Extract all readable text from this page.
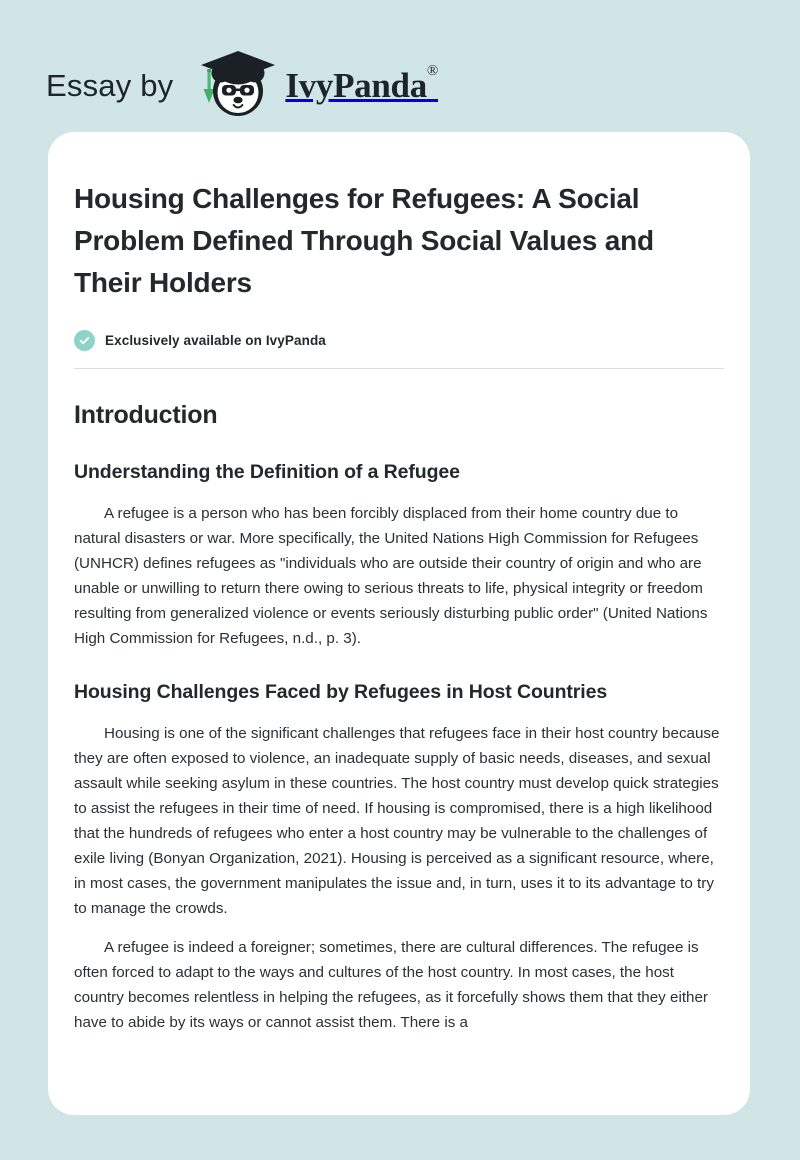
Essay by	IvyPanda®
Housing Challenges for Refugees: A Social Problem Defined Through Social Values and Their Holders
Exclusively available on IvyPanda
Introduction
Understanding the Definition of a Refugee

A refugee is a person who has been forcibly displaced from their home country due to natural disasters or war. More specifically, the United Nations High Commission for Refugees (UNHCR) defines refugees as "individuals who are outside their country of origin and who are unable or unwilling to return there owing to serious threats to life, physical integrity or freedom resulting from generalized violence or events seriously disturbing public order" (United Nations High Commission for Refugees, n.d., p. 3).

Housing Challenges Faced by Refugees in Host Countries

Housing is one of the significant challenges that refugees face in their host country because they are often exposed to violence, an inadequate supply of basic needs, diseases, and sexual assault while seeking asylum in these countries. The host country must develop quick strategies to assist the refugees in their time of need. If housing is compromised, there is a high likelihood that the hundreds of refugees who enter a host country may be vulnerable to the challenges of exile living (Bonyan Organization, 2021). Housing is perceived as a significant resource, where, in most cases, the government manipulates the issue and, in turn, uses it to its advantage to try to manage the crowds.

A refugee is indeed a foreigner; sometimes, there are cultural differences. The refugee is often forced to adapt to the ways and cultures of the host country. In most cases, the host country becomes relentless in helping the refugees, as it forcefully shows them that they either have to abide by its ways or cannot assist them. There is a
